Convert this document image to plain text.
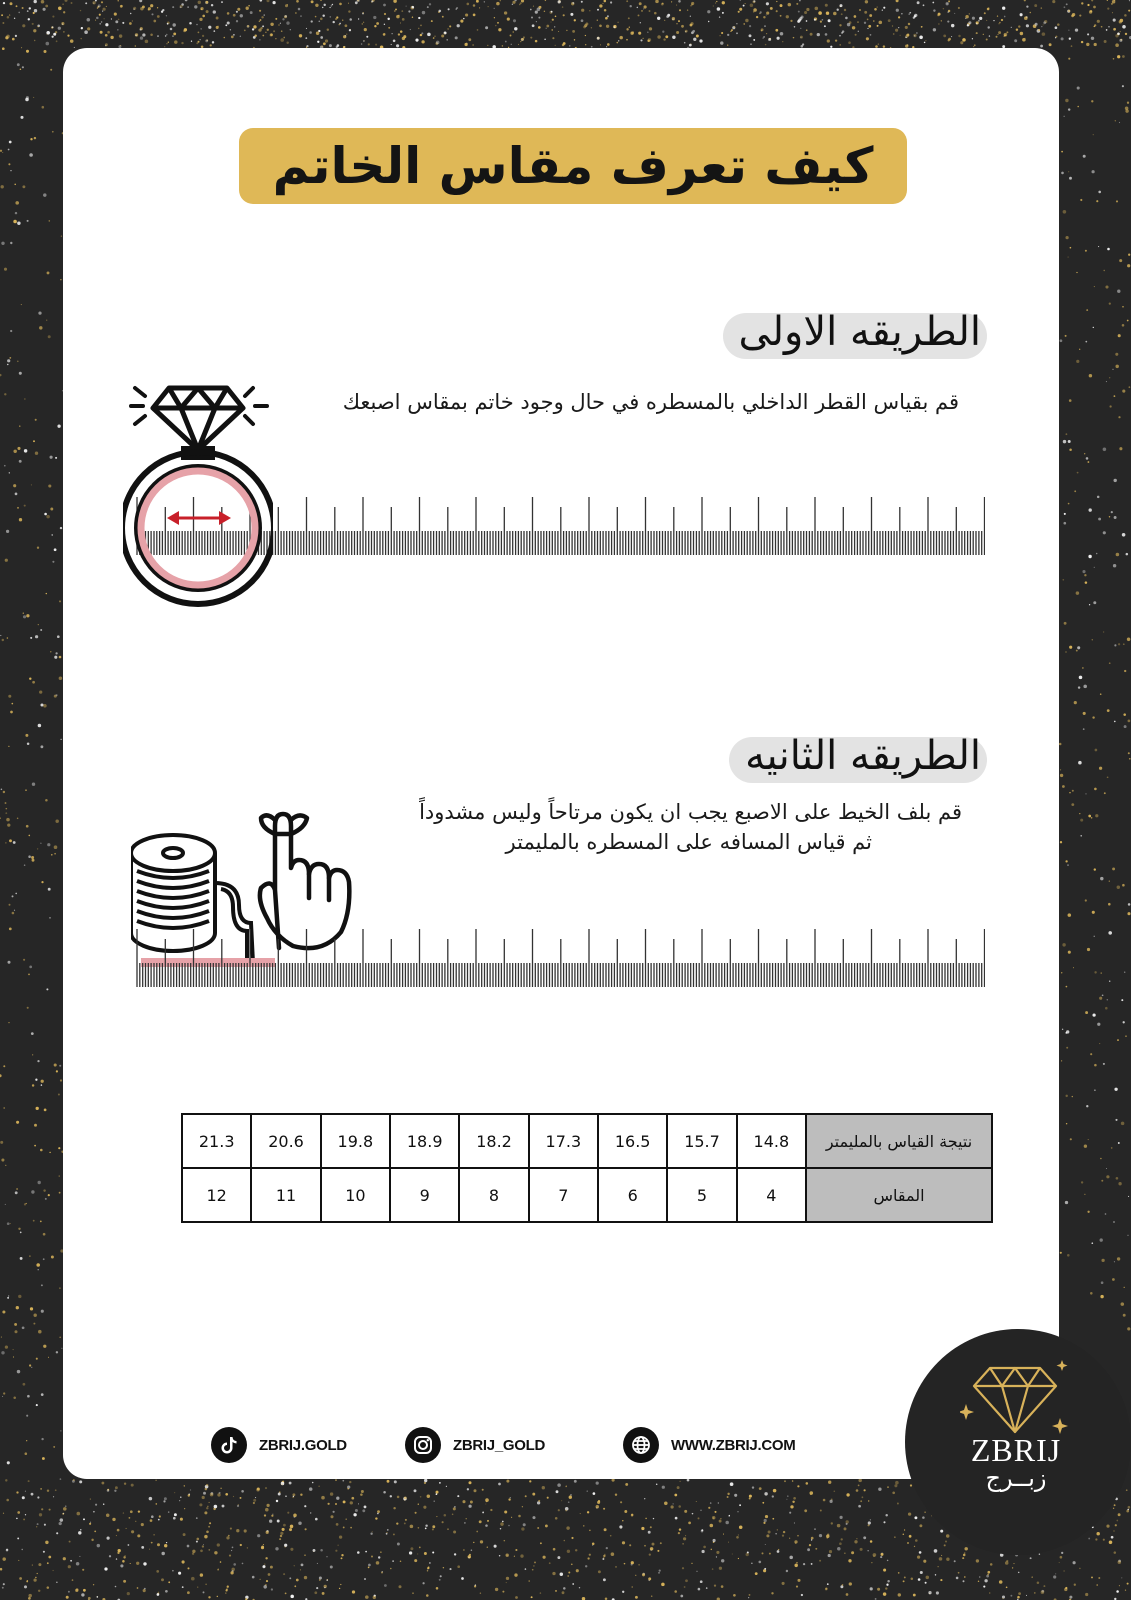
كيف تعرف مقاس الخاتم
الطريقه الاولى
قم بقياس القطر الداخلي بالمسطره في حال وجود خاتم بمقاس اصبعك
الطريقه الثانيه
قم بلف الخيط على الاصبع يجب ان يكون مرتاحاً وليس مشدوداً
ثم قياس المسافه على المسطره بالمليمتر
نتيجة القياس بالمليمتر	14.8	15.7	16.5	17.3	18.2	18.9	19.8	20.6	21.3
المقاس	4	5	6	7	8	9	10	11	12
ZBRIJ.GOLD	ZBRIJ_GOLD	WWW.ZBRIJ.COM	ZBRIJ
زبــرج
